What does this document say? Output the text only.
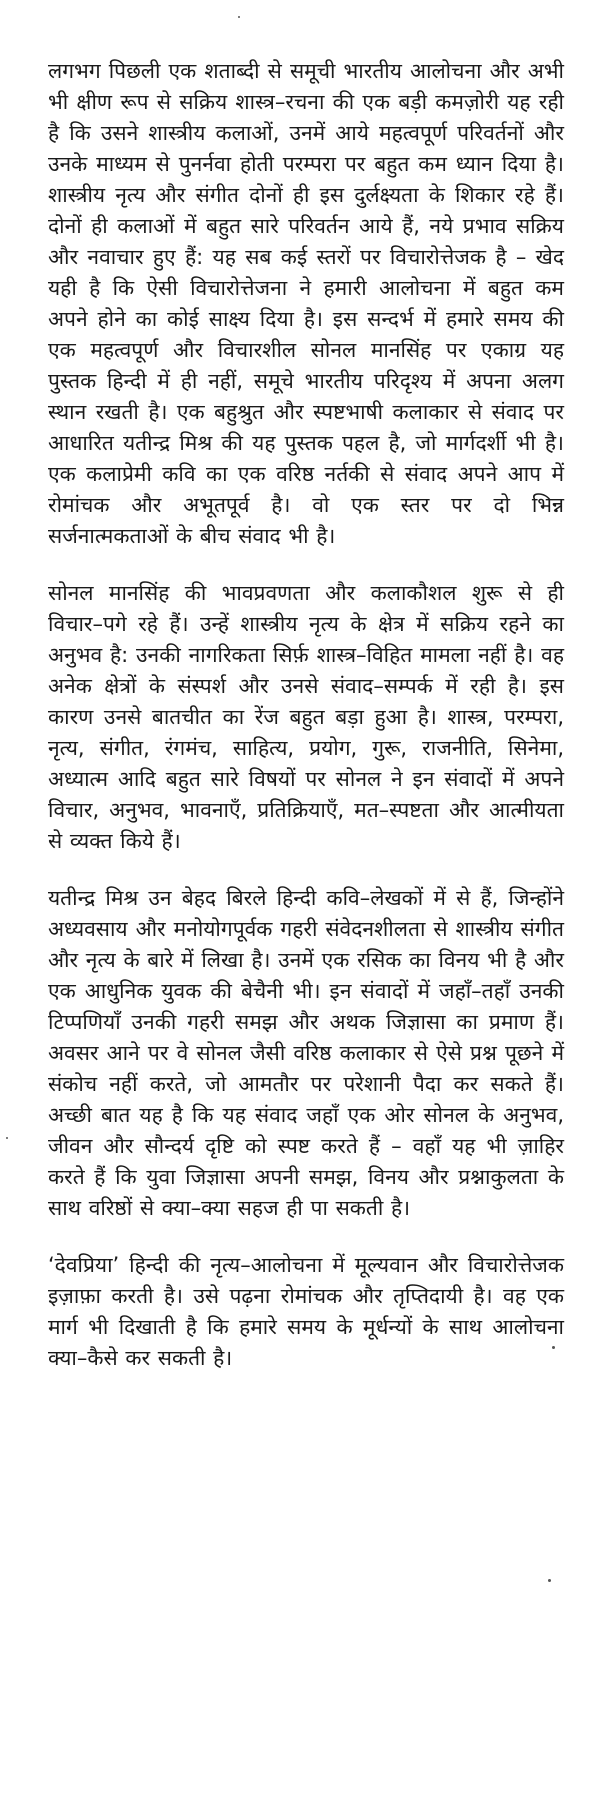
लगभग पिछली एक शताब्दी से समूची भारतीय आलोचना और अभी भी क्षीण रूप से सक्रिय शास्त्र–रचना की एक बड़ी कमज़ोरी यह रही है कि उसने शास्त्रीय कलाओं, उनमें आये महत्वपूर्ण परिवर्तनों और उनके माध्यम से पुनर्नवा होती परम्परा पर बहुत कम ध्यान दिया है। शास्त्रीय नृत्य और संगीत दोनों ही इस दुर्लक्ष्यता के शिकार रहे हैं। दोनों ही कलाओं में बहुत सारे परिवर्तन आये हैं, नये प्रभाव सक्रिय और नवाचार हुए हैं: यह सब कई स्तरों पर विचारोत्तेजक है – खेद यही है कि ऐसी विचारोत्तेजना ने हमारी आलोचना में बहुत कम अपने होने का कोई साक्ष्य दिया है। इस सन्दर्भ में हमारे समय की एक महत्वपूर्ण और विचारशील सोनल मानसिंह पर एकाग्र यह पुस्तक हिन्दी में ही नहीं, समूचे भारतीय परिदृश्य में अपना अलग स्थान रखती है। एक बहुश्रुत और स्पष्टभाषी कलाकार से संवाद पर आधारित यतीन्द्र मिश्र की यह पुस्तक पहल है, जो मार्गदर्शी भी है। एक कलाप्रेमी कवि का एक वरिष्ठ नर्तकी से संवाद अपने आप में रोमांचक और अभूतपूर्व है। वो एक स्तर पर दो भिन्न सर्जनात्मकताओं के बीच संवाद भी है।

सोनल मानसिंह की भावप्रवणता और कलाकौशल शुरू से ही विचार–पगे रहे हैं। उन्हें शास्त्रीय नृत्य के क्षेत्र में सक्रिय रहने का अनुभव है: उनकी नागरिकता सिर्फ़ शास्त्र–विहित मामला नहीं है। वह अनेक क्षेत्रों के संस्पर्श और उनसे संवाद–सम्पर्क में रही है। इस कारण उनसे बातचीत का रेंज बहुत बड़ा हुआ है। शास्त्र, परम्परा, नृत्य, संगीत, रंगमंच, साहित्य, प्रयोग, गुरू, राजनीति, सिनेमा, अध्यात्म आदि बहुत सारे विषयों पर सोनल ने इन संवादों में अपने विचार, अनुभव, भावनाएँ, प्रतिक्रियाएँ, मत–स्पष्टता और आत्मीयता से व्यक्त किये हैं।

यतीन्द्र मिश्र उन बेहद बिरले हिन्दी कवि–लेखकों में से हैं, जिन्होंने अध्यवसाय और मनोयोगपूर्वक गहरी संवेदनशीलता से शास्त्रीय संगीत और नृत्य के बारे में लिखा है। उनमें एक रसिक का विनय भी है और एक आधुनिक युवक की बेचैनी भी। इन संवादों में जहाँ–तहाँ उनकी टिप्पणियाँ उनकी गहरी समझ और अथक जिज्ञासा का प्रमाण हैं। अवसर आने पर वे सोनल जैसी वरिष्ठ कलाकार से ऐसे प्रश्न पूछने में संकोच नहीं करते, जो आमतौर पर परेशानी पैदा कर सकते हैं। अच्छी बात यह है कि यह संवाद जहाँ एक ओर सोनल के अनुभव, जीवन और सौन्दर्य दृष्टि को स्पष्ट करते हैं – वहाँ यह भी ज़ाहिर करते हैं कि युवा जिज्ञासा अपनी समझ, विनय और प्रश्नाकुलता के साथ वरिष्ठों से क्या–क्या सहज ही पा सकती है।

‘देवप्रिया’ हिन्दी की नृत्य–आलोचना में मूल्यवान और विचारोत्तेजक इज़ाफ़ा करती है। उसे पढ़ना रोमांचक और तृप्तिदायी है। वह एक मार्ग भी दिखाती है कि हमारे समय के मूर्धन्यों के साथ आलोचना क्या–कैसे कर सकती है।
